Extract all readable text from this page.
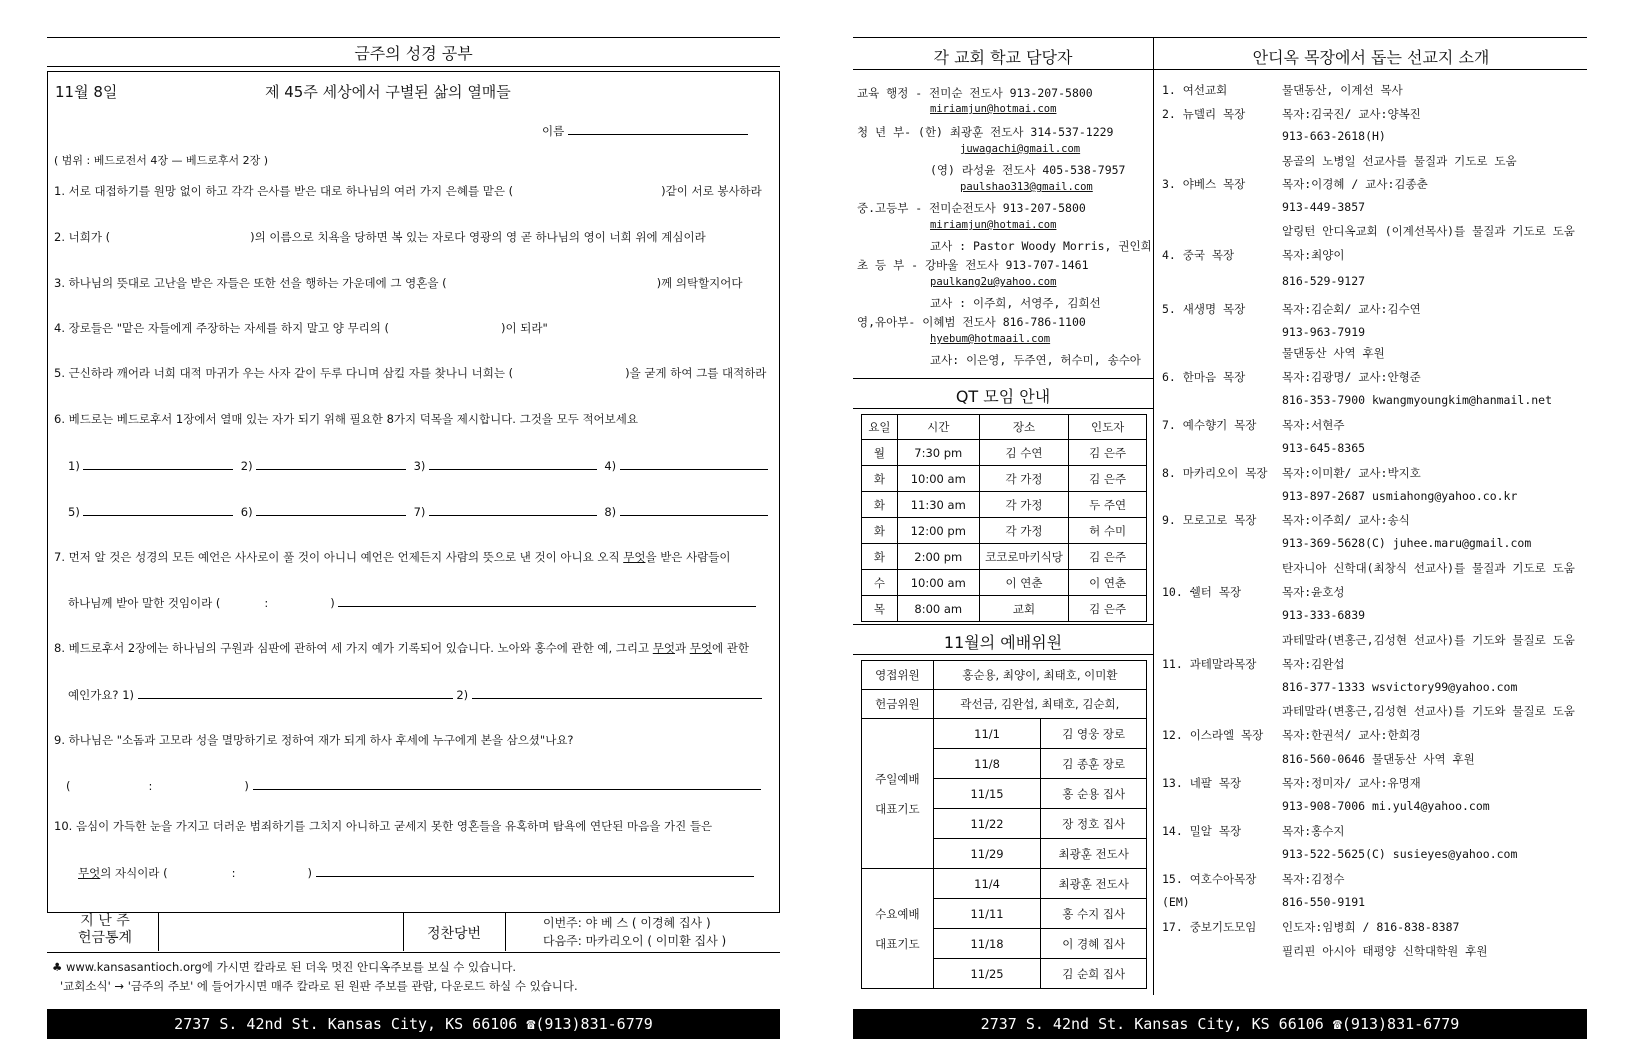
금주의 성경 공부
11월 8일	제 45주 세상에서 구별된 삶의 열매들
이름
( 범위 : 베드로전서 4장 — 베드로후서 2장 )
1. 서로 대접하기를 원망 없이 하고 각각 은사를 받은 대로 하나님의 여러 가지 은혜를 맡은 (	)같이 서로 봉사하라
2. 너희가 (	)의 이름으로 치욕을 당하면 복 있는 자로다 영광의 영 곧 하나님의 영이 너희 위에 계심이라
3. 하나님의 뜻대로 고난을 받은 자들은 또한 선을 행하는 가운데에 그 영혼을 (	)께 의탁할지어다
4. 장로들은 "맡은 자들에게 주장하는 자세를 하지 말고 양 무리의 (	)이 되라"
5. 근신하라 깨어라 너희 대적 마귀가 우는 사자 같이 두루 다니며 삼킬 자를 찾나니 너희는 (	)을 굳게 하여 그를 대적하라
6. 베드로는 베드로후서 1장에서 열매 있는 자가 되기 위해 필요한 8가지 덕목을 제시합니다. 그것을 모두 적어보세요
1)	2)	3)	4)
5)	6)	7)	8)
7. 먼저 알 것은 성경의 모든 예언은 사사로이 풀 것이 아니니 예언은 언제든지 사람의 뜻으로 낸 것이 아니요 오직 무엇을 받은 사람들이
하나님께 받아 말한 것임이라 (	:	)
8. 베드로후서 2장에는 하나님의 구원과 심판에 관하여 세 가지 예가 기록되어 있습니다. 노아와 홍수에 관한 예, 그리고 무엇과 무엇에 관한
예인가요? 1)	2)
9. 하나님은 "소돔과 고모라 성을 멸망하기로 정하여 재가 되게 하사 후세에 누구에게 본을 삼으셨"나요?
(	:	)
10. 음심이 가득한 눈을 가지고 더러운 범죄하기를 그치지 아니하고 굳세지 못한 영혼들을 유혹하며 탐욕에 연단된 마음을 가진 들은
무엇의 자식이라 (	:	)
지 난 주
헌금통계	정찬당번
이번주: 야 베 스 ( 이경혜 집사 )
다음주: 마카리오이 ( 이미환 집사 )
♣ www.kansasantioch.org에 가시면 칼라로 된 더욱 멋진 안디옥주보를 보실 수 있습니다.
'교회소식' → '금주의 주보' 에 들어가시면 매주 칼라로 된 원판 주보를 관람, 다운로드 하실 수 있습니다.
2737 S. 42nd St. Kansas City, KS 66106 ☎(913)831-6779
각 교회 학교 담당자	안디옥 목장에서 돕는 선교지 소개
교육 행정 - 전미순 전도사 913-207-5800
miriamjun@hotmai.com
청 년 부- (한) 최광훈 전도사 314-537-1229
juwagachi@gmail.com
(영) 라성윤 전도사 405-538-7957
paulshao313@gmail.com
중.고등부 - 전미순전도사 913-207-5800
miriamjun@hotmai.com
교사 : Pastor Woody Morris, 권인희
초 등 부 - 강바울 전도사 913-707-1461
paulkang2u@yahoo.com
교사 : 이주희, 서영주, 김희선
영,유아부- 이혜범 전도사 816-786-1100
hyebum@hotmaail.com
교사: 이은영, 두주연, 허수미, 송수아
QT 모임 안내
요일	시간	장소	인도자
월	7:30 pm	김 수연	김 은주
화	10:00 am	각 가정	김 은주
화	11:30 am	각 가정	두 주연
화	12:00 pm	각 가정	허 수미
화	2:00 pm	코코로마키식당	김 은주
수	10:00 am	이 연춘	이 연춘
목	8:00 am	교회	김 은주
11월의 예배위원
영접위원	홍순용, 최양이, 최태호, 이미환	
헌금위원	곽선금, 김완섭, 최태호, 김순희,	

주일예배
대표기도	11/1	김 영웅 장로
	11/8	김 종훈 장로
	11/15	홍 순용 집사
	11/22	장 정호 집사
	11/29	최광훈 전도사

수요예배
대표기도	11/4	최광훈 전도사
	11/11	홍 수지 집사
	11/18	이 경혜 집사
	11/25	김 순희 집사
1. 여선교회	물댄동산, 이계선 목사
2. 뉴델리 목장	목자:김국진/ 교사:양복진
913-663-2618(H)
몽골의 노병일 선교사를 물질과 기도로 도움
3. 야베스 목장	목자:이경혜 / 교사:김종춘
913-449-3857
알링턴 안디옥교회 (이계선목사)를 물질과 기도로 도움
4. 중국 목장	목자:최양이
816-529-9127
5. 새생명 목장	목자:김순회/ 교사:김수연
913-963-7919
물댄동산 사역 후원
6. 한마음 목장	목자:김광명/ 교사:안형준
816-353-7900 kwangmyoungkim@hanmail.net
7. 예수향기 목장 목자:서현주
913-645-8365
8. 마카리오이 목장 목자:이미환/ 교사:박지호
913-897-2687 usmiahong@yahoo.co.kr
9. 모로고로 목장 목자:이주희/ 교사:송식
913-369-5628(C) juhee.maru@gmail.com
탄자니아 신학대(최창식 선교사)를 물질과 기도로 도움
10. 쉘터 목장	목자:윤호성
913-333-6839
과테말라(변홍근,김성현 선교사)를 기도와 물질로 도움
11. 과테말라목장 목자:김완섭
816-377-1333 wsvictory99@yahoo.com
과테말라(변홍근,김성현 선교사)를 기도와 물질로 도움
12. 이스라엘 목장 목자:한권석/ 교사:한희경
816-560-0646 물댄동산 사역 후원
13. 네팔 목장	목자:정미자/ 교사:유명재
913-908-7006 mi.yul4@yahoo.com
14. 밀알 목장	목자:홍수지
913-522-5625(C) susieyes@yahoo.com
15. 여호수아목장 목자:김정수
(EM)	816-550-9191
17. 중보기도모임 인도자:임병희 / 816-838-8387
필리핀 아시아 태평양 신학대학원 후원
2737 S. 42nd St. Kansas City, KS 66106 ☎(913)831-6779
